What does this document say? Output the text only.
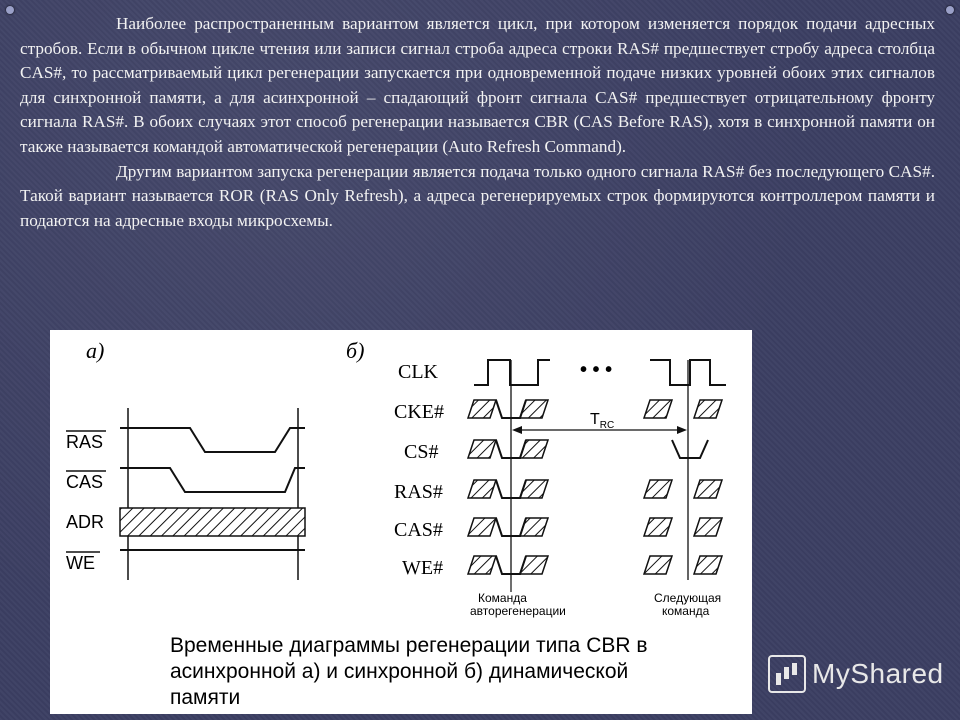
Наиболее распространенным вариантом является цикл, при котором изменяется порядок подачи адресных стробов. Если в обычном цикле чтения или записи сигнал строба адреса строки RAS# предшествует стробу адреса столбца CAS#, то рассматриваемый цикл регенерации запускается при одновременной подаче низких уровней обоих этих сигналов для синхронной памяти, а для асинхронной – спадающий фронт сигнала CAS# предшествует отрицательному фронту сигнала RAS#. В обоих случаях этот способ регенерации называется CBR (CAS Before RAS), хотя в синхронной памяти он также называется командой автоматической регенерации (Auto Refresh Command).

Другим вариантом запуска регенерации является подача только одного сигнала RAS# без последующего CAS#. Такой вариант называется ROR (RAS Only Refresh), а адреса регенерируемых строк формируются контроллером памяти и подаются на адресные входы микросхемы.

а)
RAS
CAS
ADR
WE
б)
CLK
CKE#
CS#
RAS#
CAS#
WE#
• • •
$T_{RC}$
Команда
авторегенерации
Следующая
команда
Временные диаграммы регенерации типа CBR в
асинхронной а) и синхронной б) динамической
памяти
MyShared
